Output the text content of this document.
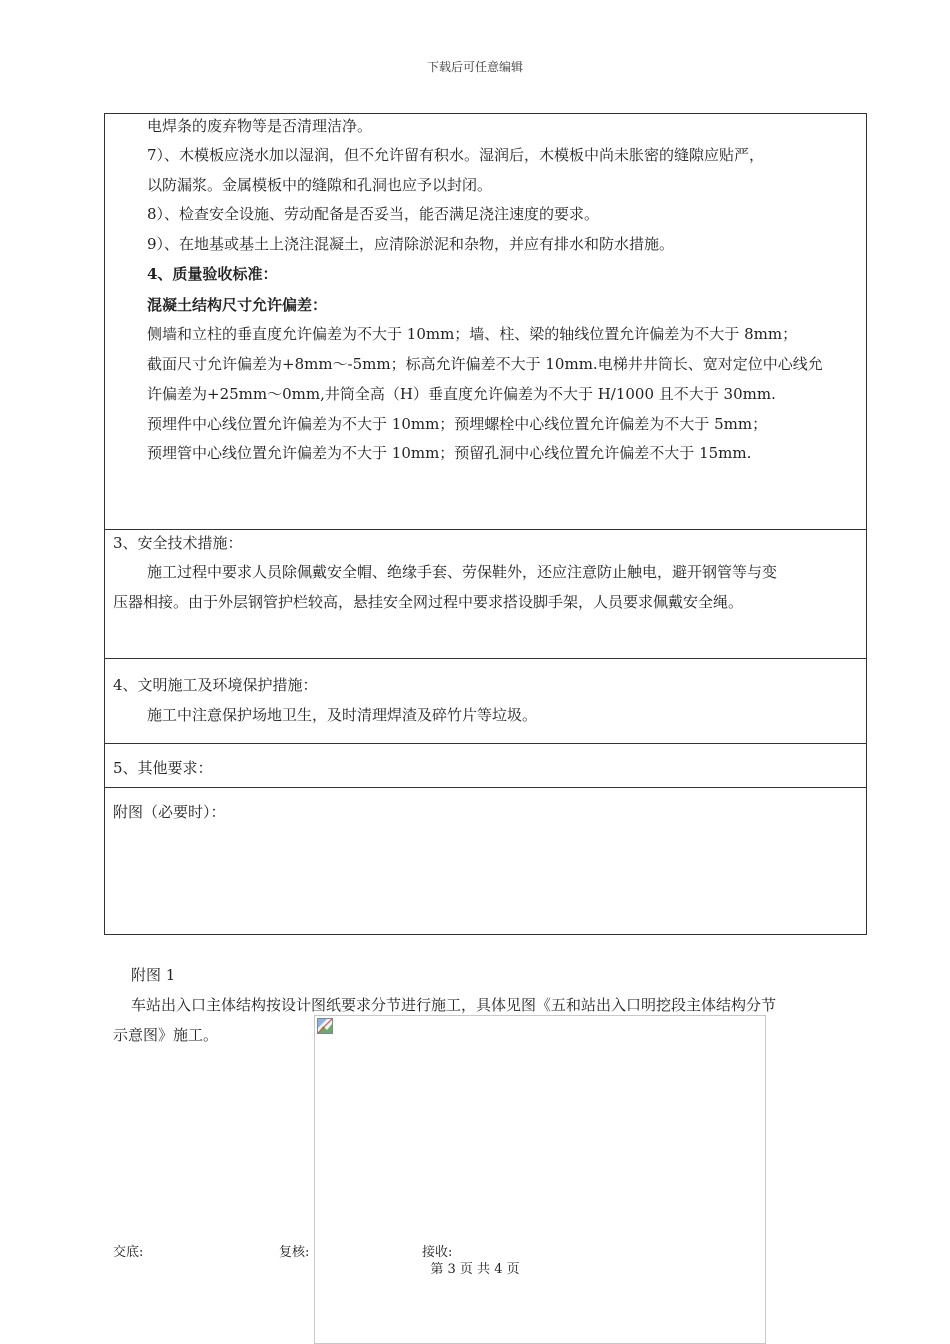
下载后可任意编辑
电焊条的废弃物等是否清理洁净。
7）、木模板应浇水加以湿润，但不允许留有积水。湿润后，木模板中尚未胀密的缝隙应贴严，
以防漏浆。金属模板中的缝隙和孔洞也应予以封闭。
8）、检查安全设施、劳动配备是否妥当，能否满足浇注速度的要求。
9）、在地基或基土上浇注混凝土，应清除淤泥和杂物，并应有排水和防水措施。
4、质量验收标准：
混凝土结构尺寸允许偏差：
侧墙和立柱的垂直度允许偏差为不大于 10mm；墙、柱、梁的轴线位置允许偏差为不大于 8mm；
截面尺寸允许偏差为+8mm～-5mm；标高允许偏差不大于 10mm.电梯井井筒长、宽对定位中心线允
许偏差为+25mm～0mm,井筒全高（H）垂直度允许偏差为不大于 H/1000 且不大于 30mm.
预埋件中心线位置允许偏差为不大于 10mm；预埋螺栓中心线位置允许偏差为不大于 5mm；
预埋管中心线位置允许偏差为不大于 10mm；预留孔洞中心线位置允许偏差不大于 15mm.
3、安全技术措施：
施工过程中要求人员除佩戴安全帽、绝缘手套、劳保鞋外，还应注意防止触电，避开钢管等与变
压器相接。由于外层钢管护栏较高，悬挂安全网过程中要求搭设脚手架，人员要求佩戴安全绳。
4、文明施工及环境保护措施：
施工中注意保护场地卫生，及时清理焊渣及碎竹片等垃圾。
5、其他要求：
附图（必要时）：
附图 1
车站出入口主体结构按设计图纸要求分节进行施工，具体见图《五和站出入口明挖段主体结构分节
示意图》施工。
交底:	复核:	接收:
第 3 页 共 4 页
